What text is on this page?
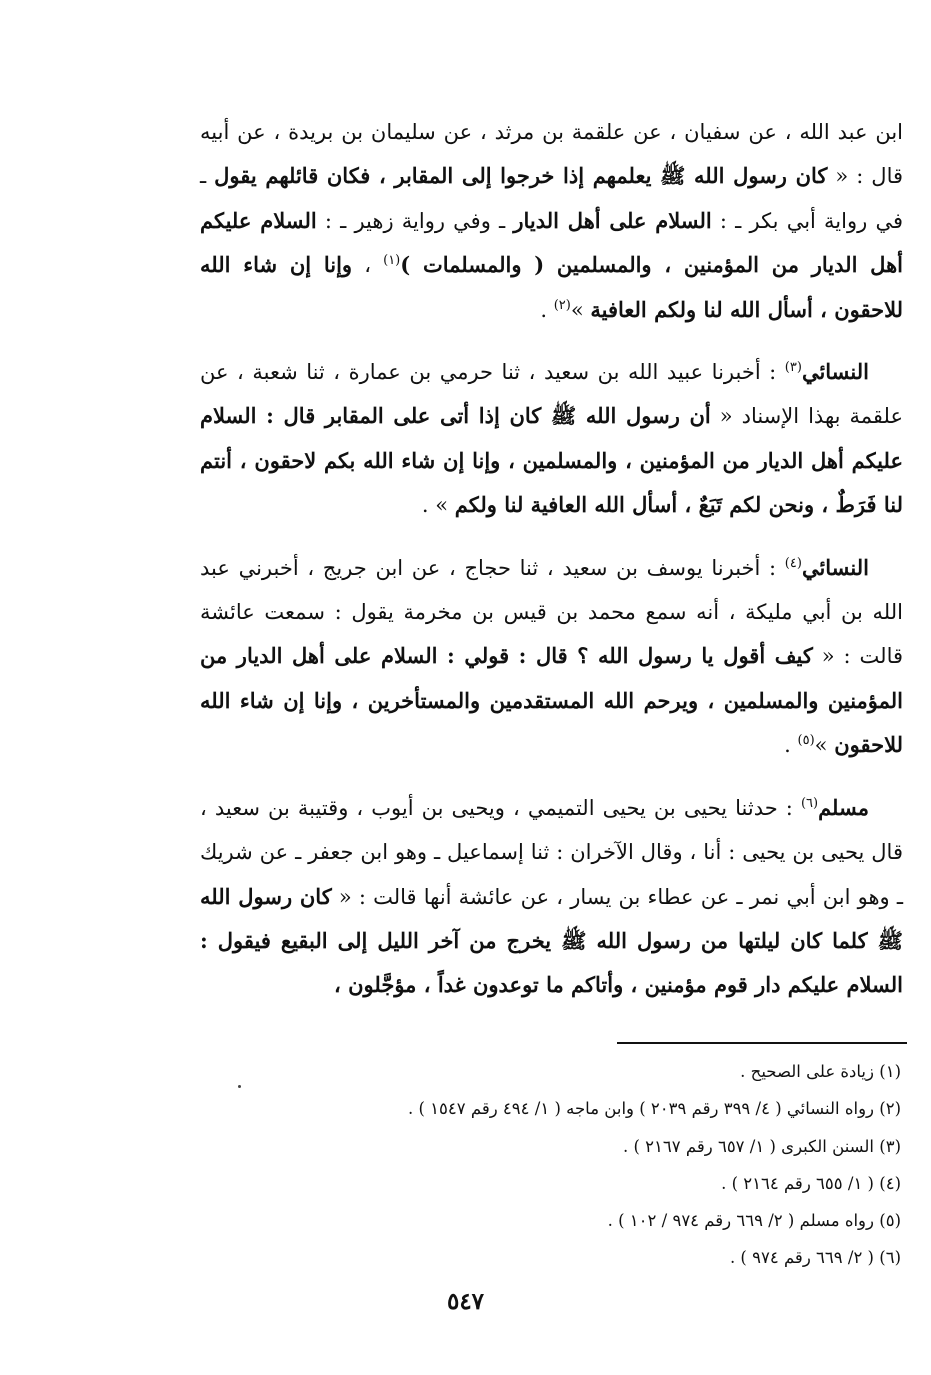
ابن عبد الله ، عن سفيان ، عن علقمة بن مرثد ، عن سليمان بن بريدة ، عن أبيه قال : « كان رسول الله ﷺ يعلمهم إذا خرجوا إلى المقابر ، فكان قائلهم يقول ـ في رواية أبي بكر ـ : السلام على أهل الديار ـ وفي رواية زهير ـ : السلام عليكم أهل الديار من المؤمنين ، والمسلمين ( والمسلمات )$^{(١)}$ ، وإنا إن شاء الله للاحقون ، أسأل الله لنا ولكم العافية »$^{(٢)}$ .

النسائي$^{(٣)}$ : أخبرنا عبيد الله بن سعيد ، ثنا حرمي بن عمارة ، ثنا شعبة ، عن علقمة بهذا الإسناد « أن رسول الله ﷺ كان إذا أتى على المقابر قال : السلام عليكم أهل الديار من المؤمنين ، والمسلمين ، وإنا إن شاء الله بكم لاحقون ، أنتم لنا فَرَطٌ ، ونحن لكم تَبَعٌ ، أسأل الله العافية لنا ولكم » .

النسائي$^{(٤)}$ : أخبرنا يوسف بن سعيد ، ثنا حجاج ، عن ابن جريج ، أخبرني عبد الله بن أبي مليكة ، أنه سمع محمد بن قيس بن مخرمة يقول : سمعت عائشة قالت : « كيف أقول يا رسول الله ؟ قال : قولي : السلام على أهل الديار من المؤمنين والمسلمين ، ويرحم الله المستقدمين والمستأخرين ، وإنا إن شاء الله للاحقون »$^{(٥)}$ .

مسلم$^{(٦)}$ : حدثنا يحيى بن يحيى التميمي ، ويحيى بن أيوب ، وقتيبة بن سعيد ، قال يحيى بن يحيى : أنا ، وقال الآخران : ثنا إسماعيل ـ وهو ابن جعفر ـ عن شريك ـ وهو ابن أبي نمر ـ عن عطاء بن يسار ، عن عائشة أنها قالت : « كان رسول الله ﷺ كلما كان ليلتها من رسول الله ﷺ يخرج من آخر الليل إلى البقيع فيقول : السلام عليكم دار قوم مؤمنين ، وأتاكم ما توعدون غداً ، مؤجَّلون ،

(١) زيادة على الصحيح .
(٢) رواه النسائي ( ٤/ ٣٩٩ رقم ٢٠٣٩ ) وابن ماجه ( ١/ ٤٩٤ رقم ١٥٤٧ ) .
(٣) السنن الكبرى ( ١/ ٦٥٧ رقم ٢١٦٧ ) .
(٤) ( ١/ ٦٥٥ رقم ٢١٦٤ ) .
(٥) رواه مسلم ( ٢/ ٦٦٩ رقم ٩٧٤ / ١٠٢ ) .
(٦) ( ٢/ ٦٦٩ رقم ٩٧٤ ) .
٥٤٧
